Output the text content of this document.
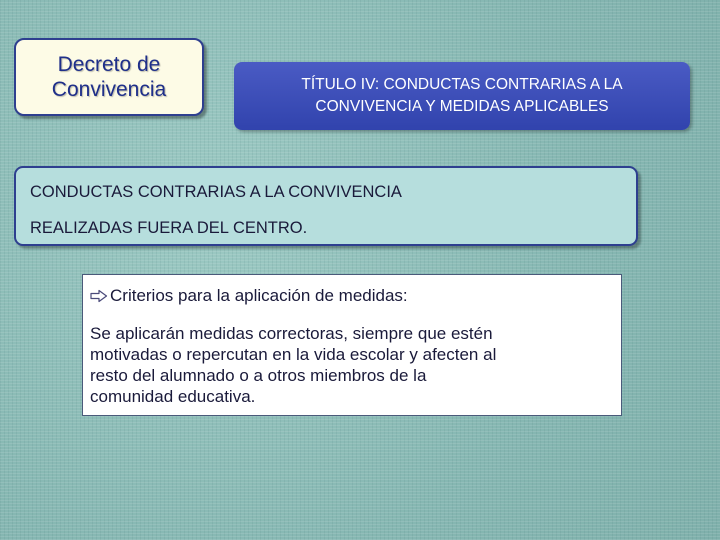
Decreto de
Convivencia	TÍTULO IV: CONDUCTAS CONTRARIAS A LA
CONVIVENCIA Y MEDIDAS APLICABLES
CONDUCTAS CONTRARIAS A LA CONVIVENCIA
REALIZADAS FUERA DEL CENTRO.
Criterios para la aplicación de medidas:
Se aplicarán medidas correctoras, siempre que estén
motivadas o repercutan en la vida escolar y afecten al
resto del alumnado o a otros miembros de la
comunidad educativa.
